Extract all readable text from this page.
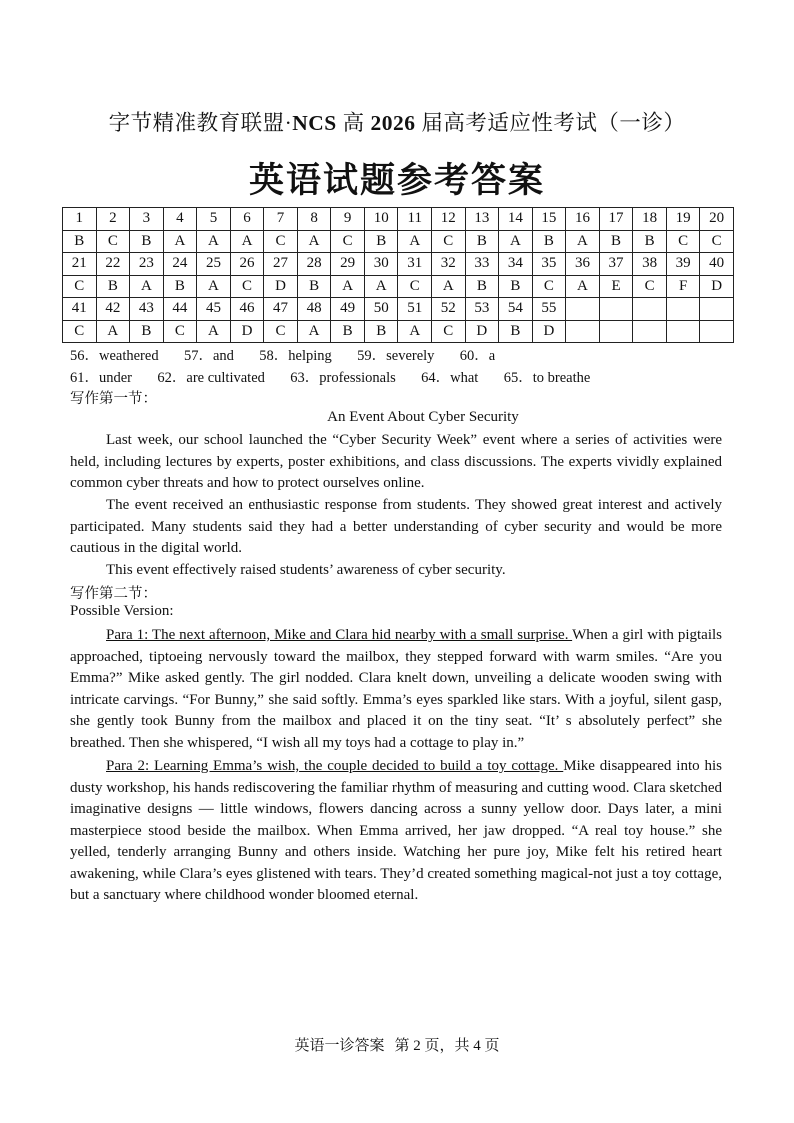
字节精准教育联盟·NCS 高 2026 届高考适应性考试（一诊）
英语试题参考答案
1	2	3	4	5	6	7	8	9	10	11	12	13	14	15	16	17	18	19	20
B	C	B	A	A	A	C	A	C	B	A	C	B	A	B	A	B	B	C	C
21	22	23	24	25	26	27	28	29	30	31	32	33	34	35	36	37	38	39	40
C	B	A	B	A	C	D	B	A	A	C	A	B	B	C	A	E	C	F	D
41	42	43	44	45	46	47	48	49	50	51	52	53	54	55					
C	A	B	C	A	D	C	A	B	B	A	C	D	B	D					
56．weathered       57．and       58．helping       59．severely       60．a
61．under       62．are cultivated       63．professionals       64．what       65．to breathe
写作第一节：
An Event About Cyber Security

Last week, our school launched the “Cyber Security Week” event where a series of activities were held, including lectures by experts, poster exhibitions, and class discussions. The experts vividly explained common cyber threats and how to protect ourselves online.

The event received an enthusiastic response from students. They showed great interest and actively participated. Many students said they had a better understanding of cyber security and would be more cautious in the digital world.

This event effectively raised students’ awareness of cyber security.

写作第二节：
Possible Version:

Para 1: The next afternoon, Mike and Clara hid nearby with a small surprise. When a girl with pigtails approached, tiptoeing nervously toward the mailbox, they stepped forward with warm smiles. “Are you Emma?” Mike asked gently. The girl nodded. Clara knelt down, unveiling a delicate wooden swing with intricate carvings. “For Bunny,” she said softly. Emma’s eyes sparkled like stars. With a joyful, silent gasp, she gently took Bunny from the mailbox and placed it on the tiny seat. “It’ s absolutely perfect” she breathed. Then she whispered, “I wish all my toys had a cottage to play in.”

Para 2: Learning Emma’s wish, the couple decided to build a toy cottage. Mike disappeared into his dusty workshop, his hands rediscovering the familiar rhythm of measuring and cutting wood. Clara sketched imaginative designs — little windows, flowers dancing across a sunny yellow door. Days later, a mini masterpiece stood beside the mailbox. When Emma arrived, her jaw dropped. “A real toy house.” she yelled, tenderly arranging Bunny and others inside. Watching her pure joy, Mike felt his retired heart awakening, while Clara’s eyes glistened with tears. They’d created something magical-not just a toy cottage, but a sanctuary where childhood wonder bloomed eternal.

英语一诊答案 第 2 页，共 4 页
